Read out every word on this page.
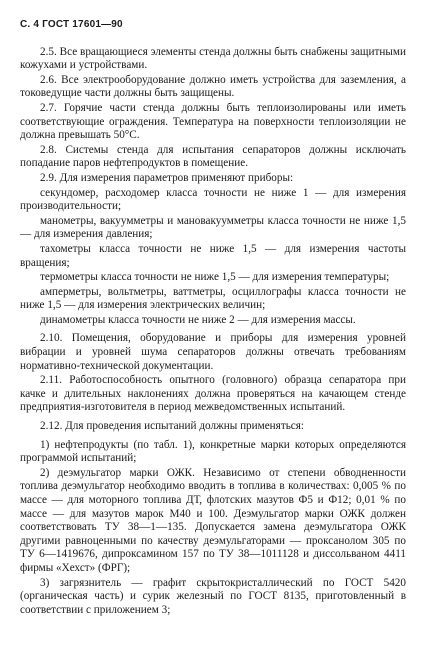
С. 4 ГОСТ 17601—90

2.5. Все вращающиеся элементы стенда должны быть снабжены защитными кожухами и устройствами.

2.6. Все электрооборудование должно иметь устройства для заземления, а токоведущие части должны быть защищены.

2.7. Горячие части стенда должны быть теплоизолированы или иметь соответствующие ограждения. Температура на поверхности теплоизоляции не должна превышать 50°С.

2.8. Системы стенда для испытания сепараторов должны исключать попадание паров нефтепродуктов в помещение.

2.9. Для измерения параметров применяют приборы:

секундомер, расходомер класса точности не ниже 1 — для измерения производительности;

манометры, вакуумметры и мановакуумметры класса точности не ниже 1,5 — для измерения давления;

тахометры класса точности не ниже 1,5 — для измерения частоты вращения;

термометры класса точности не ниже 1,5 — для измерения температуры;

амперметры, вольтметры, ваттметры, осциллографы класса точности не ниже 1,5 — для измерения электрических величин;

динамометры класса точности не ниже 2 — для измерения массы.

2.10. Помещения, оборудование и приборы для измерения уровней вибрации и уровней шума сепараторов должны отвечать требованиям нормативно-технической документации.

2.11. Работоспособность опытного (головного) образца сепаратора при качке и длительных наклонениях должна проверяться на качающем стенде предприятия-изготовителя в период межведомственных испытаний.

2.12. Для проведения испытаний должны применяться:

1) нефтепродукты (по табл. 1), конкретные марки которых определяются программой испытаний;

2) деэмульгатор марки ОЖК. Независимо от степени обводненности топлива деэмульгатор необходимо вводить в топлива в количествах: 0,005 % по массе — для моторного топлива ДТ, флотских мазутов Ф5 и Ф12; 0,01 % по массе — для мазутов марок М40 и 100. Деэмульгатор марки ОЖК должен соответствовать ТУ 38—1—135. Допускается замена деэмульгатора ОЖК другими равноценными по качеству деэмульгаторами — проксанолом 305 по ТУ 6—1419676, дипроксамином 157 по ТУ 38—1011128 и диссольваном 4411 фирмы «Хехст» (ФРГ);

3) загрязнитель — графит скрытокристаллический по ГОСТ 5420 (органическая часть) и сурик железный по ГОСТ 8135, приготовленный в соответствии с приложением 3;
